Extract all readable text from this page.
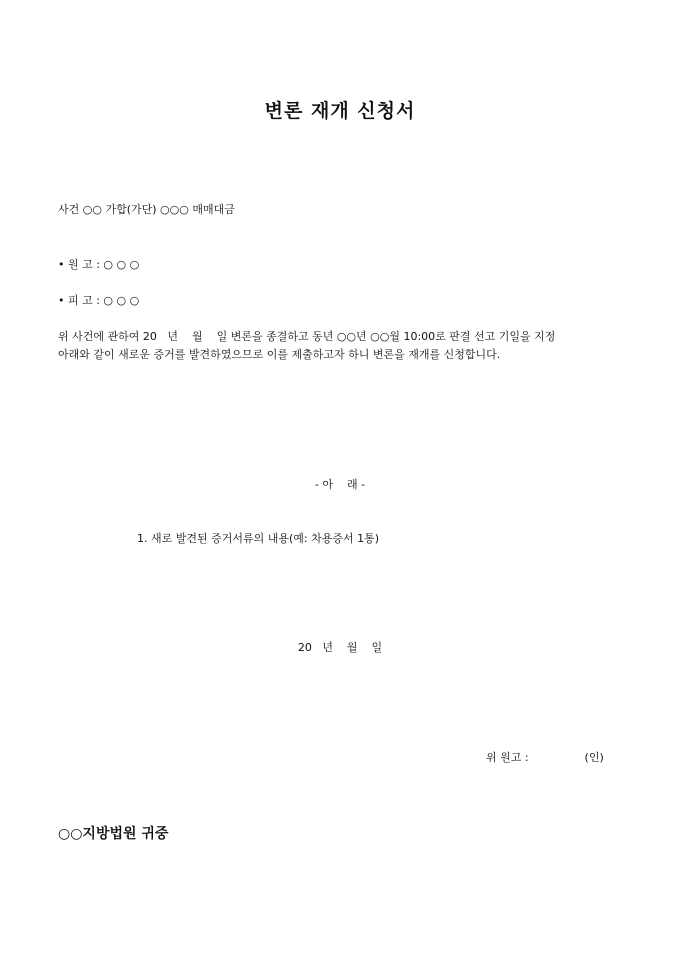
변론 재개 신청서
사건 ○○ 가합(가단) ○○○ 매매대금
• 원 고 : ○ ○ ○
• 피 고 : ○ ○ ○
위 사건에 관하여 20   년    월    일 변론을 종결하고 동년 ○○년 ○○월 10:00로 판결 선고 기일을 지정
아래와 같이 새로운 증거를 발견하였으므로 이를 제출하고자 하니 변론을 재개를 신청합니다.
- 아    래 -
1. 새로 발견된 증거서류의 내용(예: 차용증서 1통)
20   년    월    일
위 원고 :                (인)
○○지방법원 귀중
